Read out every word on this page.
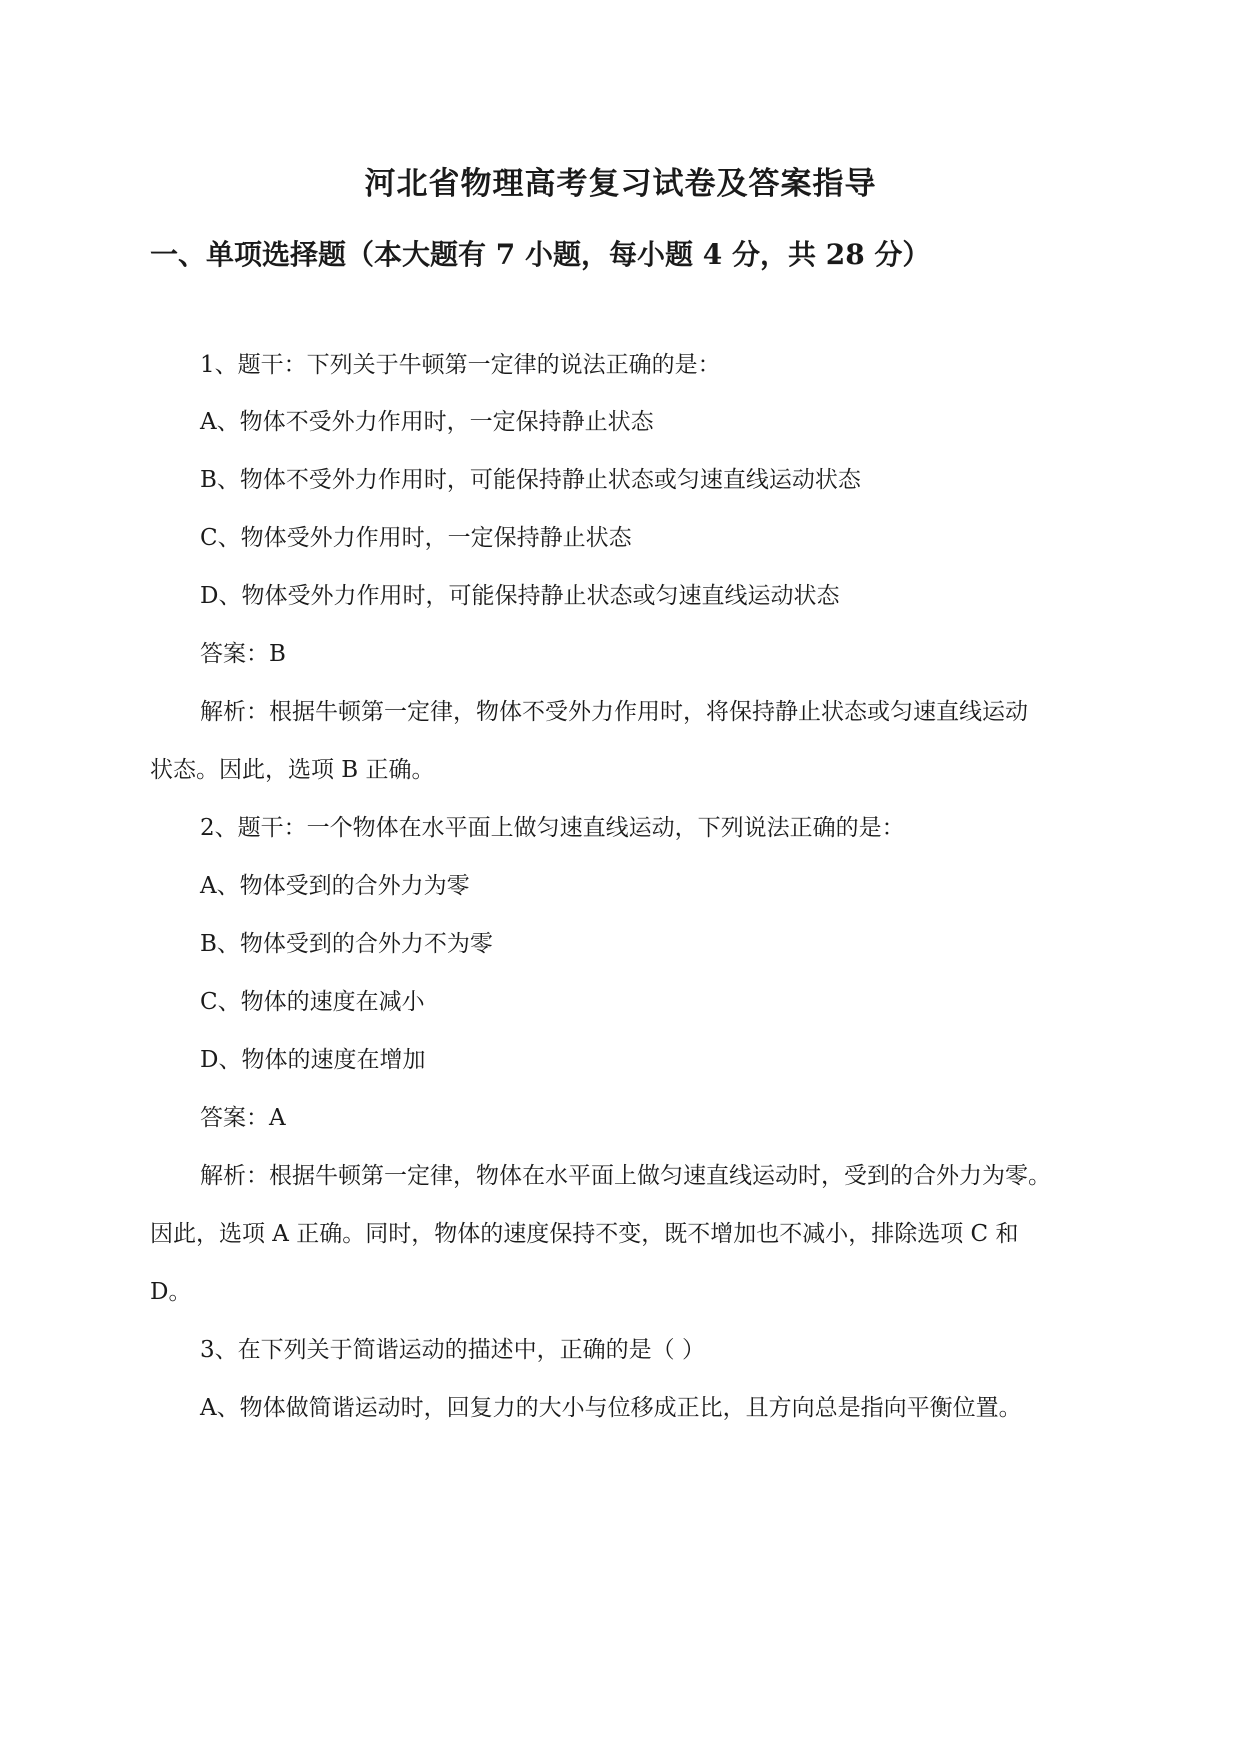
河北省物理高考复习试卷及答案指导
一、单项选择题（本大题有 7 小题，每小题 4 分，共 28 分）
1、题干：下列关于牛顿第一定律的说法正确的是：
A、物体不受外力作用时，一定保持静止状态
B、物体不受外力作用时，可能保持静止状态或匀速直线运动状态
C、物体受外力作用时，一定保持静止状态
D、物体受外力作用时，可能保持静止状态或匀速直线运动状态
答案：B
解析：根据牛顿第一定律，物体不受外力作用时，将保持静止状态或匀速直线运动
状态。因此，选项 B 正确。
2、题干：一个物体在水平面上做匀速直线运动，下列说法正确的是：
A、物体受到的合外力为零
B、物体受到的合外力不为零
C、物体的速度在减小
D、物体的速度在增加
答案：A
解析：根据牛顿第一定律，物体在水平面上做匀速直线运动时，受到的合外力为零。
因此，选项 A 正确。同时，物体的速度保持不变，既不增加也不减小，排除选项 C 和
D。
3、在下列关于简谐运动的描述中，正确的是（ ）
A、物体做简谐运动时，回复力的大小与位移成正比，且方向总是指向平衡位置。
